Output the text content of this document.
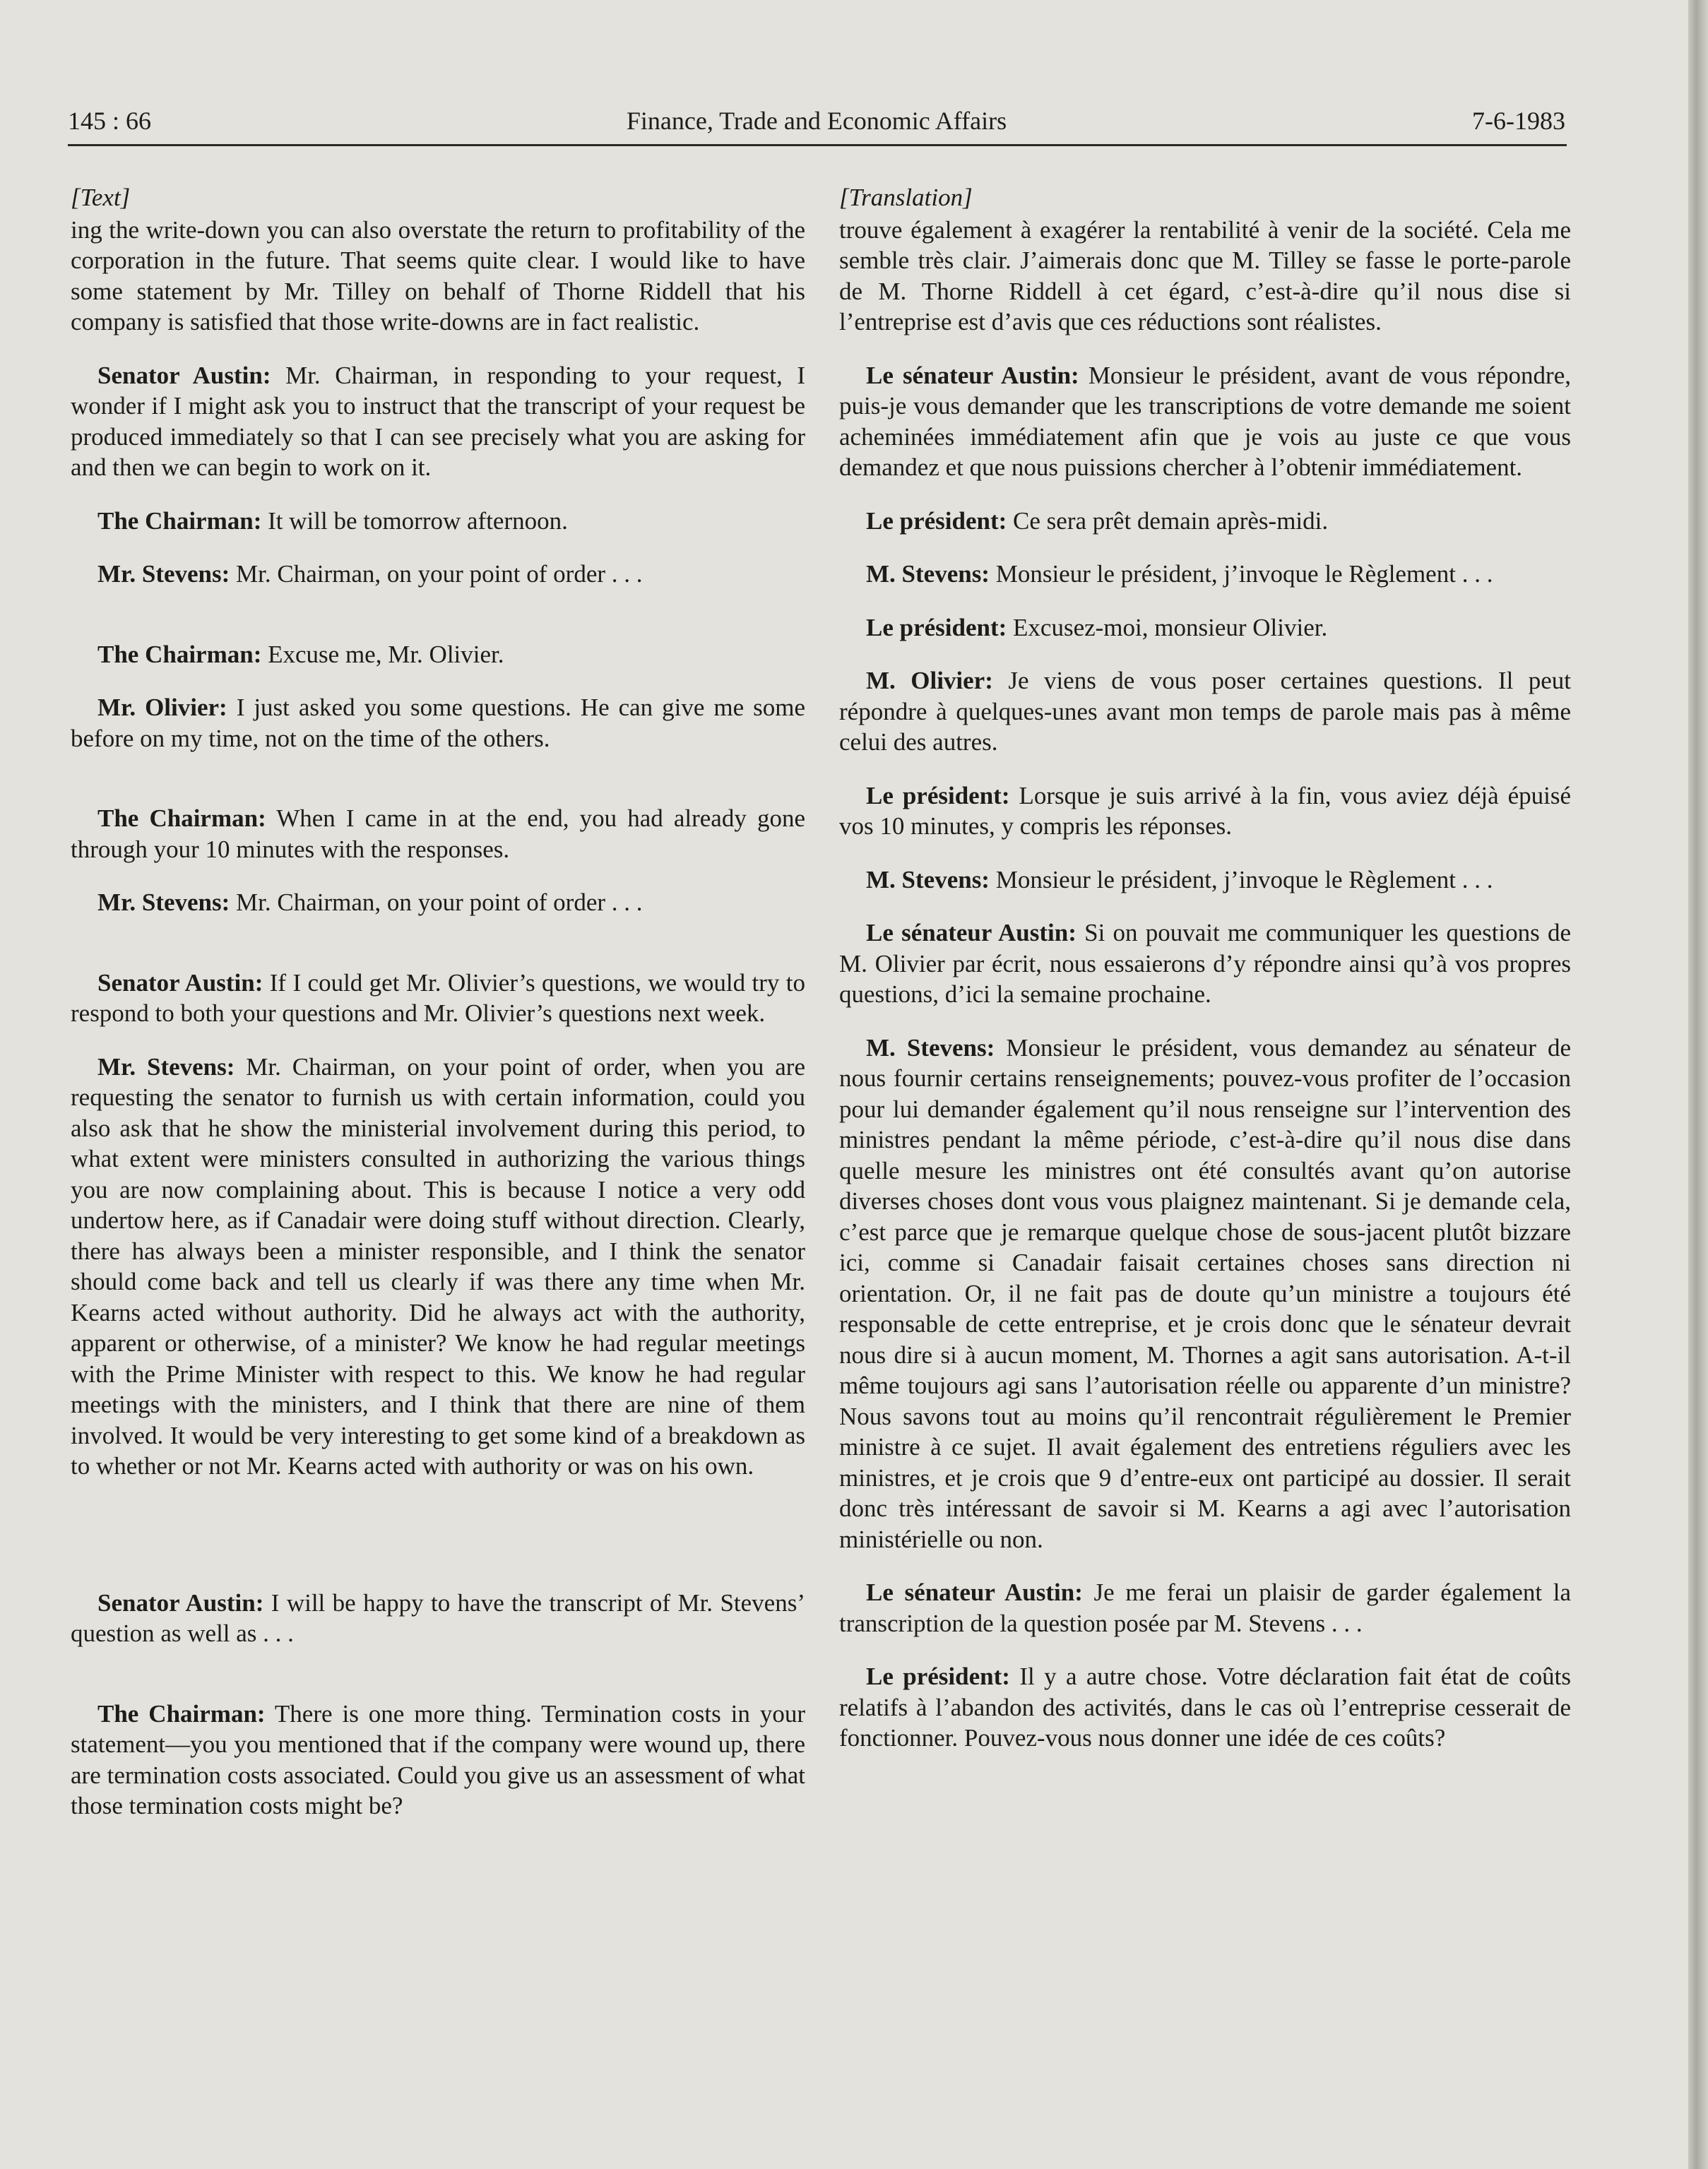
145 : 66	Finance, Trade and Economic Affairs	7-6-1983
[Text]

ing the write-down you can also overstate the return to profitability of the corporation in the future. That seems quite clear. I would like to have some statement by Mr. Tilley on behalf of Thorne Riddell that his company is satisfied that those write-downs are in fact realistic.

Senator Austin: Mr. Chairman, in responding to your request, I wonder if I might ask you to instruct that the transcript of your request be produced immediately so that I can see precisely what you are asking for and then we can begin to work on it.

The Chairman: It will be tomorrow afternoon.

Mr. Stevens: Mr. Chairman, on your point of order . . .

The Chairman: Excuse me, Mr. Olivier.

Mr. Olivier: I just asked you some questions. He can give me some before on my time, not on the time of the others.

The Chairman: When I came in at the end, you had already gone through your 10 minutes with the responses.

Mr. Stevens: Mr. Chairman, on your point of order . . .

Senator Austin: If I could get Mr. Olivier’s questions, we would try to respond to both your questions and Mr. Olivier’s questions next week.

Mr. Stevens: Mr. Chairman, on your point of order, when you are requesting the senator to furnish us with certain information, could you also ask that he show the ministerial involvement during this period, to what extent were ministers consulted in authorizing the various things you are now complaining about. This is because I notice a very odd undertow here, as if Canadair were doing stuff without direction. Clearly, there has always been a minister responsible, and I think the senator should come back and tell us clearly if was there any time when Mr. Kearns acted without authority. Did he always act with the authority, apparent or otherwise, of a minister? We know he had regular meetings with the Prime Minister with respect to this. We know he had regular meetings with the ministers, and I think that there are nine of them involved. It would be very interesting to get some kind of a breakdown as to whether or not Mr. Kearns acted with authority or was on his own.

Senator Austin: I will be happy to have the transcript of Mr. Stevens’ question as well as . . .

The Chairman: There is one more thing. Termination costs in your statement—you you mentioned that if the company were wound up, there are termination costs associated. Could you give us an assessment of what those termination costs might be?

[Translation]

trouve également à exagérer la rentabilité à venir de la société. Cela me semble très clair. J’aimerais donc que M. Tilley se fasse le porte-parole de M. Thorne Riddell à cet égard, c’est-à-dire qu’il nous dise si l’entreprise est d’avis que ces réductions sont réalistes.

Le sénateur Austin: Monsieur le président, avant de vous répondre, puis-je vous demander que les transcriptions de votre demande me soient acheminées immédiatement afin que je vois au juste ce que vous demandez et que nous puissions chercher à l’obtenir immédiatement.

Le président: Ce sera prêt demain après-midi.

M. Stevens: Monsieur le président, j’invoque le Règlement . . .

Le président: Excusez-moi, monsieur Olivier.

M. Olivier: Je viens de vous poser certaines questions. Il peut répondre à quelques-unes avant mon temps de parole mais pas à même celui des autres.

Le président: Lorsque je suis arrivé à la fin, vous aviez déjà épuisé vos 10 minutes, y compris les réponses.

M. Stevens: Monsieur le président, j’invoque le Règlement . . .

Le sénateur Austin: Si on pouvait me communiquer les questions de M. Olivier par écrit, nous essaierons d’y répondre ainsi qu’à vos propres questions, d’ici la semaine prochaine.

M. Stevens: Monsieur le président, vous demandez au sénateur de nous fournir certains renseignements; pouvez-vous profiter de l’occasion pour lui demander également qu’il nous renseigne sur l’intervention des ministres pendant la même période, c’est-à-dire qu’il nous dise dans quelle mesure les ministres ont été consultés avant qu’on autorise diverses choses dont vous vous plaignez maintenant. Si je demande cela, c’est parce que je remarque quelque chose de sous-jacent plutôt bizzare ici, comme si Canadair faisait certaines choses sans direction ni orientation. Or, il ne fait pas de doute qu’un ministre a toujours été responsable de cette entreprise, et je crois donc que le sénateur devrait nous dire si à aucun moment, M. Thornes a agit sans autorisation. A-t-il même toujours agi sans l’autorisation réelle ou apparente d’un ministre? Nous savons tout au moins qu’il rencontrait régulièrement le Premier ministre à ce sujet. Il avait également des entretiens réguliers avec les ministres, et je crois que 9 d’entre-eux ont participé au dossier. Il serait donc très intéressant de savoir si M. Kearns a agi avec l’autorisation ministérielle ou non.

Le sénateur Austin: Je me ferai un plaisir de garder également la transcription de la question posée par M. Stevens . . .

Le président: Il y a autre chose. Votre déclaration fait état de coûts relatifs à l’abandon des activités, dans le cas où l’entreprise cesserait de fonctionner. Pouvez-vous nous donner une idée de ces coûts?
